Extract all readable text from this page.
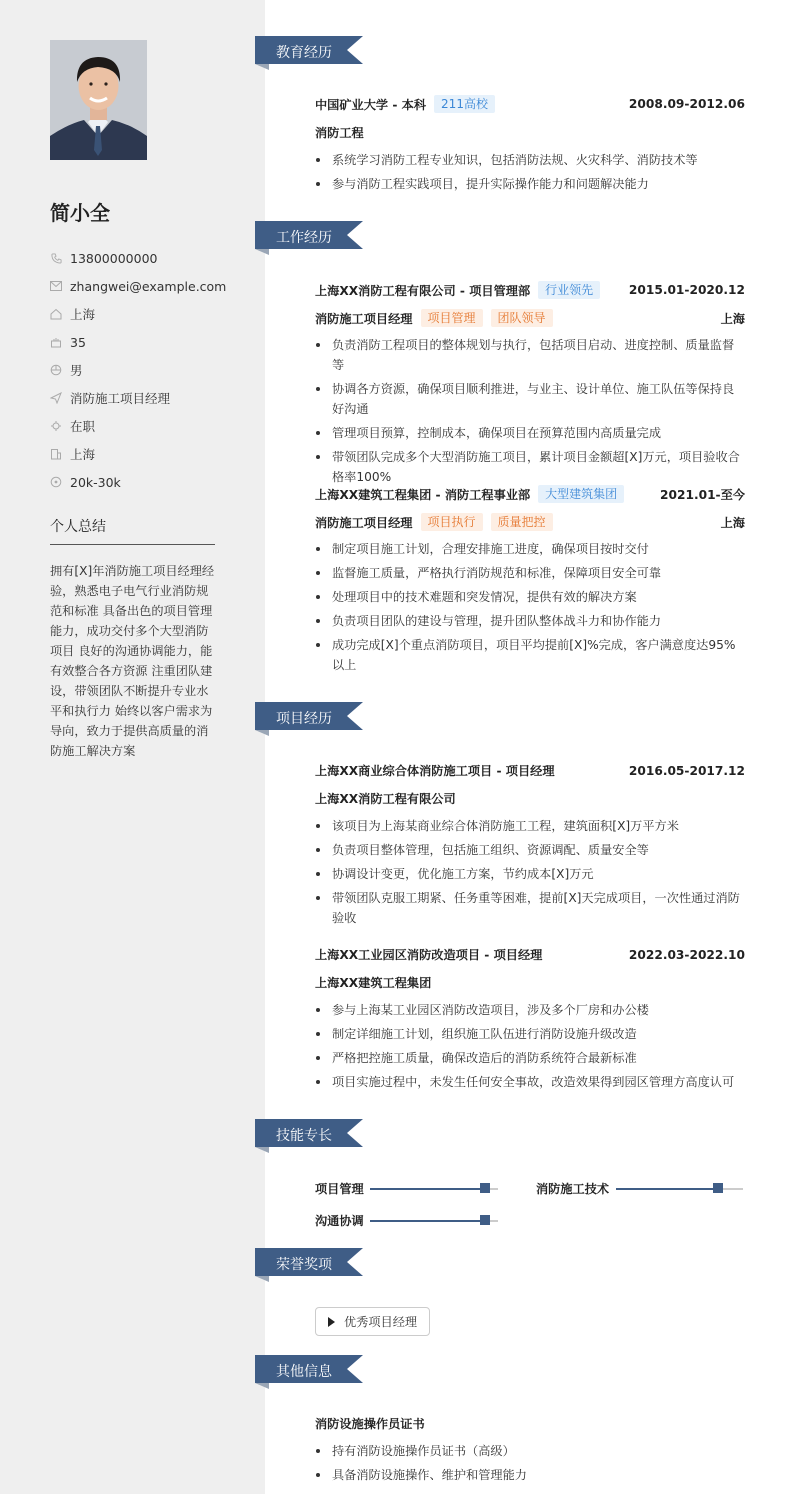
简小全
13800000000
zhangwei@example.com
上海
35
男
消防施工项目经理
在职
上海
20k-30k
个人总结
拥有[X]年消防施工项目经理经验，熟悉电子电气行业消防规范和标准 具备出色的项目管理能力，成功交付多个大型消防项目 良好的沟通协调能力，能有效整合各方资源 注重团队建设，带领团队不断提升专业水平和执行力 始终以客户需求为导向，致力于提供高质量的消防施工解决方案
教育经历
工作经历
项目经历
技能专长
荣誉奖项
其他信息
中国矿业大学 - 本科	211高校	2008.09-2012.06
消防工程
系统学习消防工程专业知识，包括消防法规、火灾科学、消防技术等
参与消防工程实践项目，提升实际操作能力和问题解决能力
上海XX消防工程有限公司 - 项目管理部	行业领先	2015.01-2020.12
消防施工项目经理	项目管理	团队领导	上海
负责消防工程项目的整体规划与执行，包括项目启动、进度控制、质量监督等
协调各方资源，确保项目顺利推进，与业主、设计单位、施工队伍等保持良好沟通
管理项目预算，控制成本，确保项目在预算范围内高质量完成
带领团队完成多个大型消防施工项目，累计项目金额超[X]万元，项目验收合格率100%
上海XX建筑工程集团 - 消防工程事业部	大型建筑集团	2021.01-至今
消防施工项目经理	项目执行	质量把控	上海
制定项目施工计划，合理安排施工进度，确保项目按时交付
监督施工质量，严格执行消防规范和标准，保障项目安全可靠
处理项目中的技术难题和突发情况，提供有效的解决方案
负责项目团队的建设与管理，提升团队整体战斗力和协作能力
成功完成[X]个重点消防项目，项目平均提前[X]%完成，客户满意度达95%以上
上海XX商业综合体消防施工项目 - 项目经理	2016.05-2017.12
上海XX消防工程有限公司
该项目为上海某商业综合体消防施工工程，建筑面积[X]万平方米
负责项目整体管理，包括施工组织、资源调配、质量安全等
协调设计变更，优化施工方案，节约成本[X]万元
带领团队克服工期紧、任务重等困难，提前[X]天完成项目，一次性通过消防验收
上海XX工业园区消防改造项目 - 项目经理	2022.03-2022.10
上海XX建筑工程集团
参与上海某工业园区消防改造项目，涉及多个厂房和办公楼
制定详细施工计划，组织施工队伍进行消防设施升级改造
严格把控施工质量，确保改造后的消防系统符合最新标准
项目实施过程中，未发生任何安全事故，改造效果得到园区管理方高度认可
项目管理	消防施工技术
沟通协调
优秀项目经理
消防设施操作员证书
持有消防设施操作员证书（高级）
具备消防设施操作、维护和管理能力
